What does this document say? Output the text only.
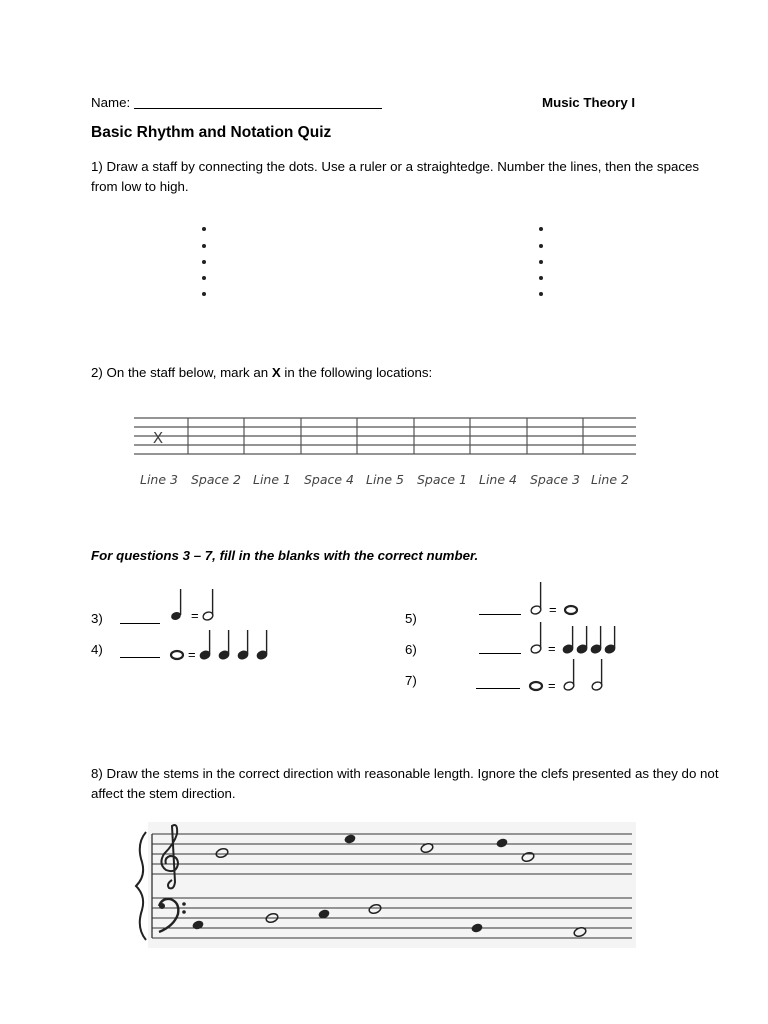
Name:	Music Theory I
Basic Rhythm and Notation Quiz
1) Draw a staff by connecting the dots. Use a ruler or a straightedge. Number the lines, then the spaces from low to high.
2) On the staff below, mark an X in the following locations:
X
Line 3 Space 2 Line 1 Space 4 Line 5 Space 1 Line 4 Space 3 Line 2
For questions 3 – 7, fill in the blanks with the correct number.
3)	=
4)	=
5)
=
6)	=
7)	=
8) Draw the stems in the correct direction with reasonable length. Ignore the clefs presented as they do not affect the stem direction.
